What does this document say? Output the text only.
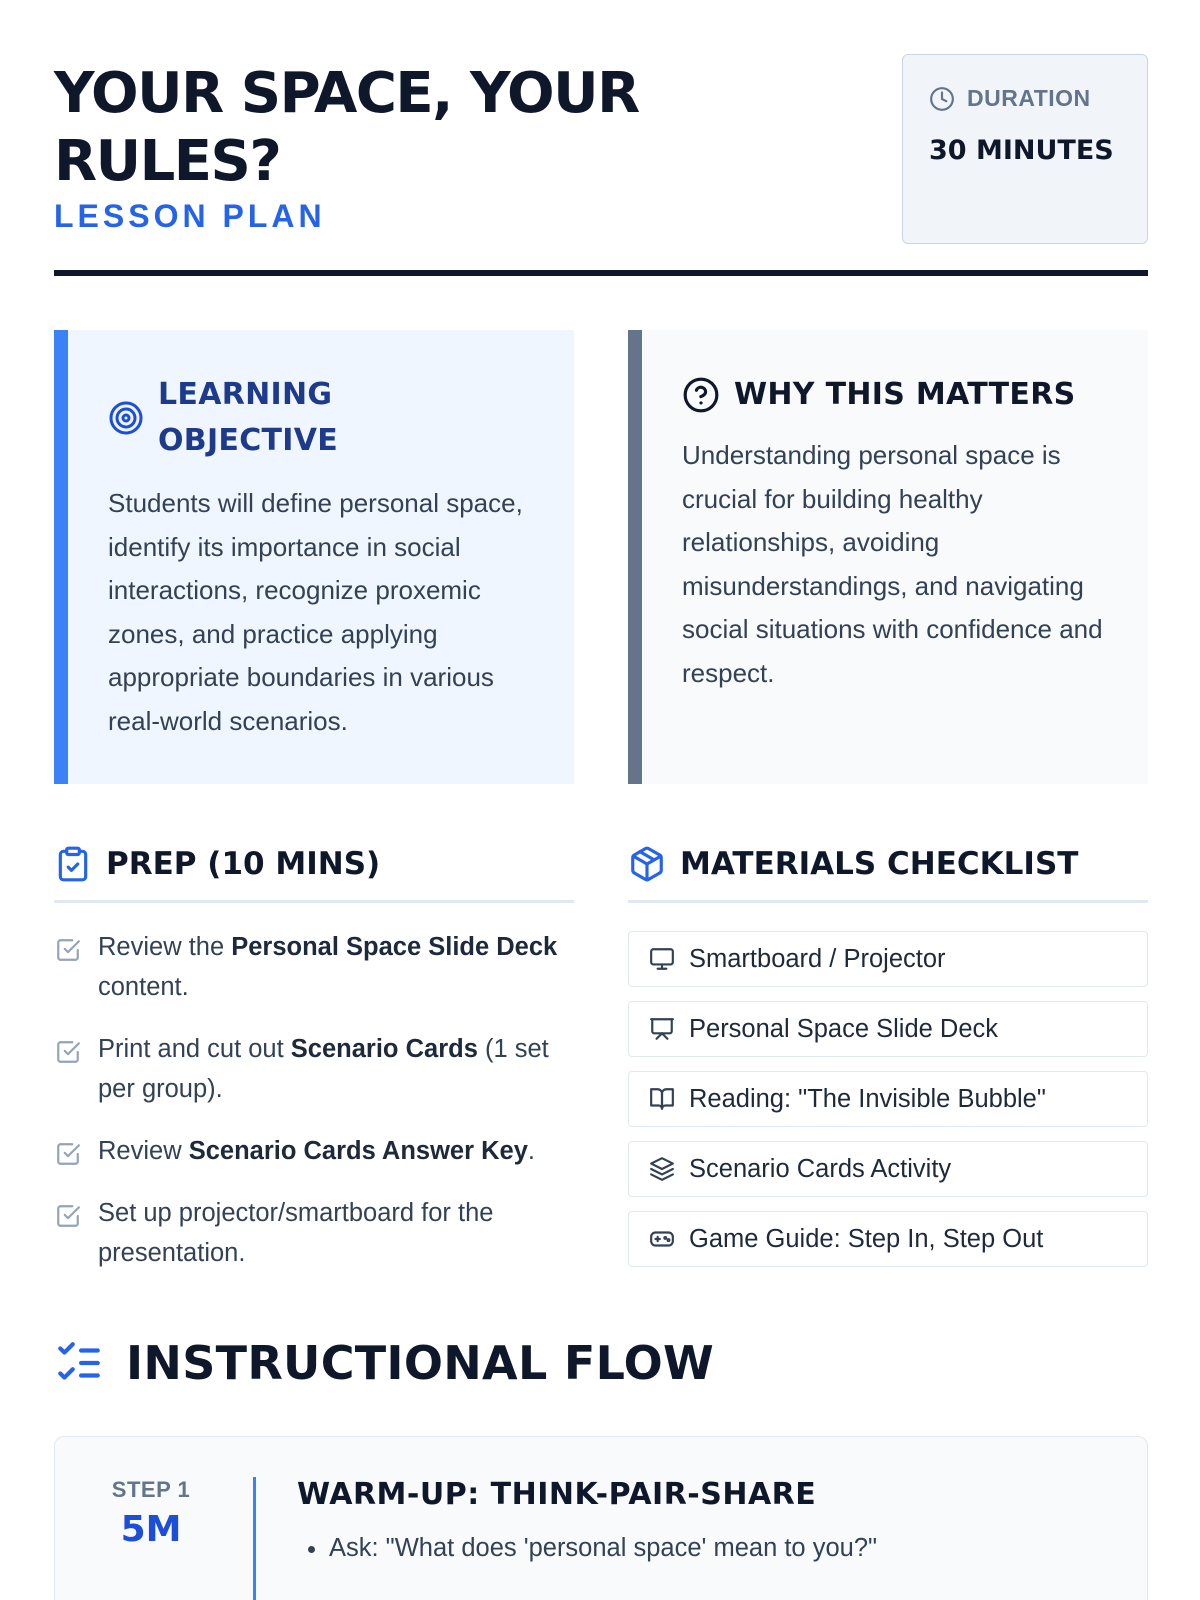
YOUR SPACE, YOUR RULES?
LESSON PLAN
DURATION
30 MINUTES
LEARNING OBJECTIVE
Students will define personal space, identify its importance in social interactions, recognize proxemic zones, and practice applying appropriate boundaries in various real-world scenarios.
WHY THIS MATTERS
Understanding personal space is crucial for building healthy relationships, avoiding misunderstandings, and navigating social situations with confidence and respect.
PREP (10 MINS)
Review the Personal Space Slide Deck content.
Print and cut out Scenario Cards (1 set per group).
Review Scenario Cards Answer Key.
Set up projector/smartboard for the presentation.
MATERIALS CHECKLIST
Smartboard / Projector
Personal Space Slide Deck
Reading: "The Invisible Bubble"
Scenario Cards Activity
Game Guide: Step In, Step Out
INSTRUCTIONAL FLOW
STEP 1
5M
WARM-UP: THINK-PAIR-SHARE
• Ask: "What does 'personal space' mean to you?"
